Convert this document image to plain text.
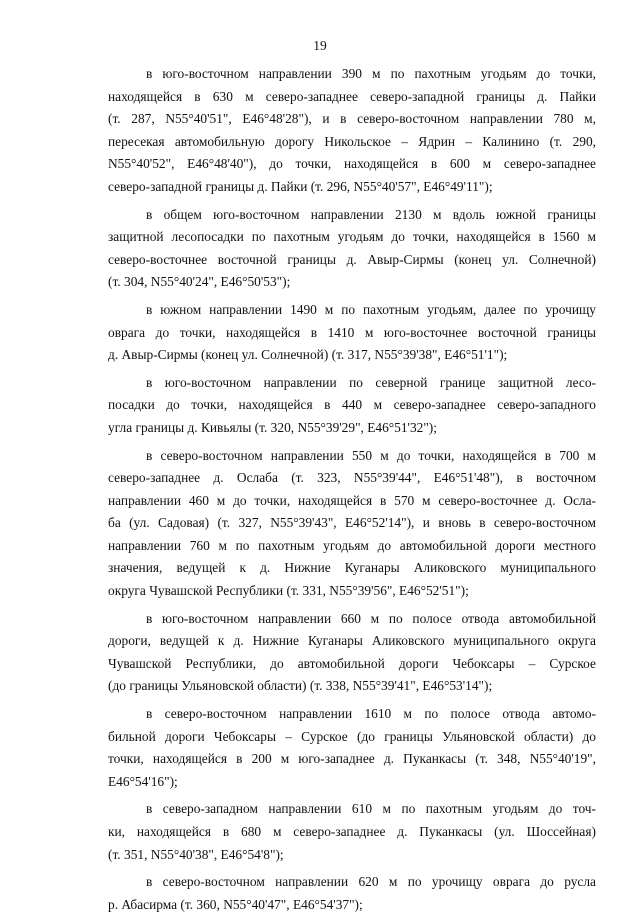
19
в юго-восточном направлении 390 м по пахотным угодьям до точки,
находящейся в 630 м северо-западнее северо-западной границы д. Пайки
(т. 287, N55°40'51", E46°48'28"), и в северо-восточном направлении 780 м,
пересекая автомобильную дорогу Никольское – Ядрин – Калинино (т. 290,
N55°40'52", E46°48'40"), до точки, находящейся в 600 м северо-западнее
северо-западной границы д. Пайки (т. 296, N55°40'57", E46°49'11");
в общем юго-восточном направлении 2130 м вдоль южной границы
защитной лесопосадки по пахотным угодьям до точки, находящейся в 1560 м
северо-восточнее восточной границы д. Авыр-Сирмы (конец ул. Солнечной)
(т. 304, N55°40'24", E46°50'53");
в южном направлении 1490 м по пахотным угодьям, далее по урочищу
оврага до точки, находящейся в 1410 м юго-восточнее восточной границы
д. Авыр-Сирмы (конец ул. Солнечной) (т. 317, N55°39'38", E46°51'1");
в юго-восточном направлении по северной границе защитной лесо-
посадки до точки, находящейся в 440 м северо-западнее северо-западного
угла границы д. Кивьялы (т. 320, N55°39'29", E46°51'32");
в северо-восточном направлении 550 м до точки, находящейся в 700 м
северо-западнее д. Ослаба (т. 323, N55°39'44", E46°51'48"), в восточном
направлении 460 м до точки, находящейся в 570 м северо-восточнее д. Осла-
ба (ул. Садовая) (т. 327, N55°39'43", E46°52'14"), и вновь в северо-восточном
направлении 760 м по пахотным угодьям до автомобильной дороги местного
значения, ведущей к д. Нижние Куганары Аликовского муниципального
округа Чувашской Республики (т. 331, N55°39'56", E46°52'51");
в юго-восточном направлении 660 м по полосе отвода автомобильной
дороги, ведущей к д. Нижние Куганары Аликовского муниципального округа
Чувашской Республики, до автомобильной дороги Чебоксары – Сурское
(до границы Ульяновской области) (т. 338, N55°39'41", E46°53'14");
в северо-восточном направлении 1610 м по полосе отвода автомо-
бильной дороги Чебоксары – Сурское (до границы Ульяновской области) до
точки, находящейся в 200 м юго-западнее д. Пуканкасы (т. 348, N55°40'19",
E46°54'16");
в северо-западном направлении 610 м по пахотным угодьям до точ-
ки, находящейся в 680 м северо-западнее д. Пуканкасы (ул. Шоссейная)
(т. 351, N55°40'38", E46°54'8");
в северо-восточном направлении 620 м по урочищу оврага до русла
р. Абасирма (т. 360, N55°40'47", E46°54'37");
